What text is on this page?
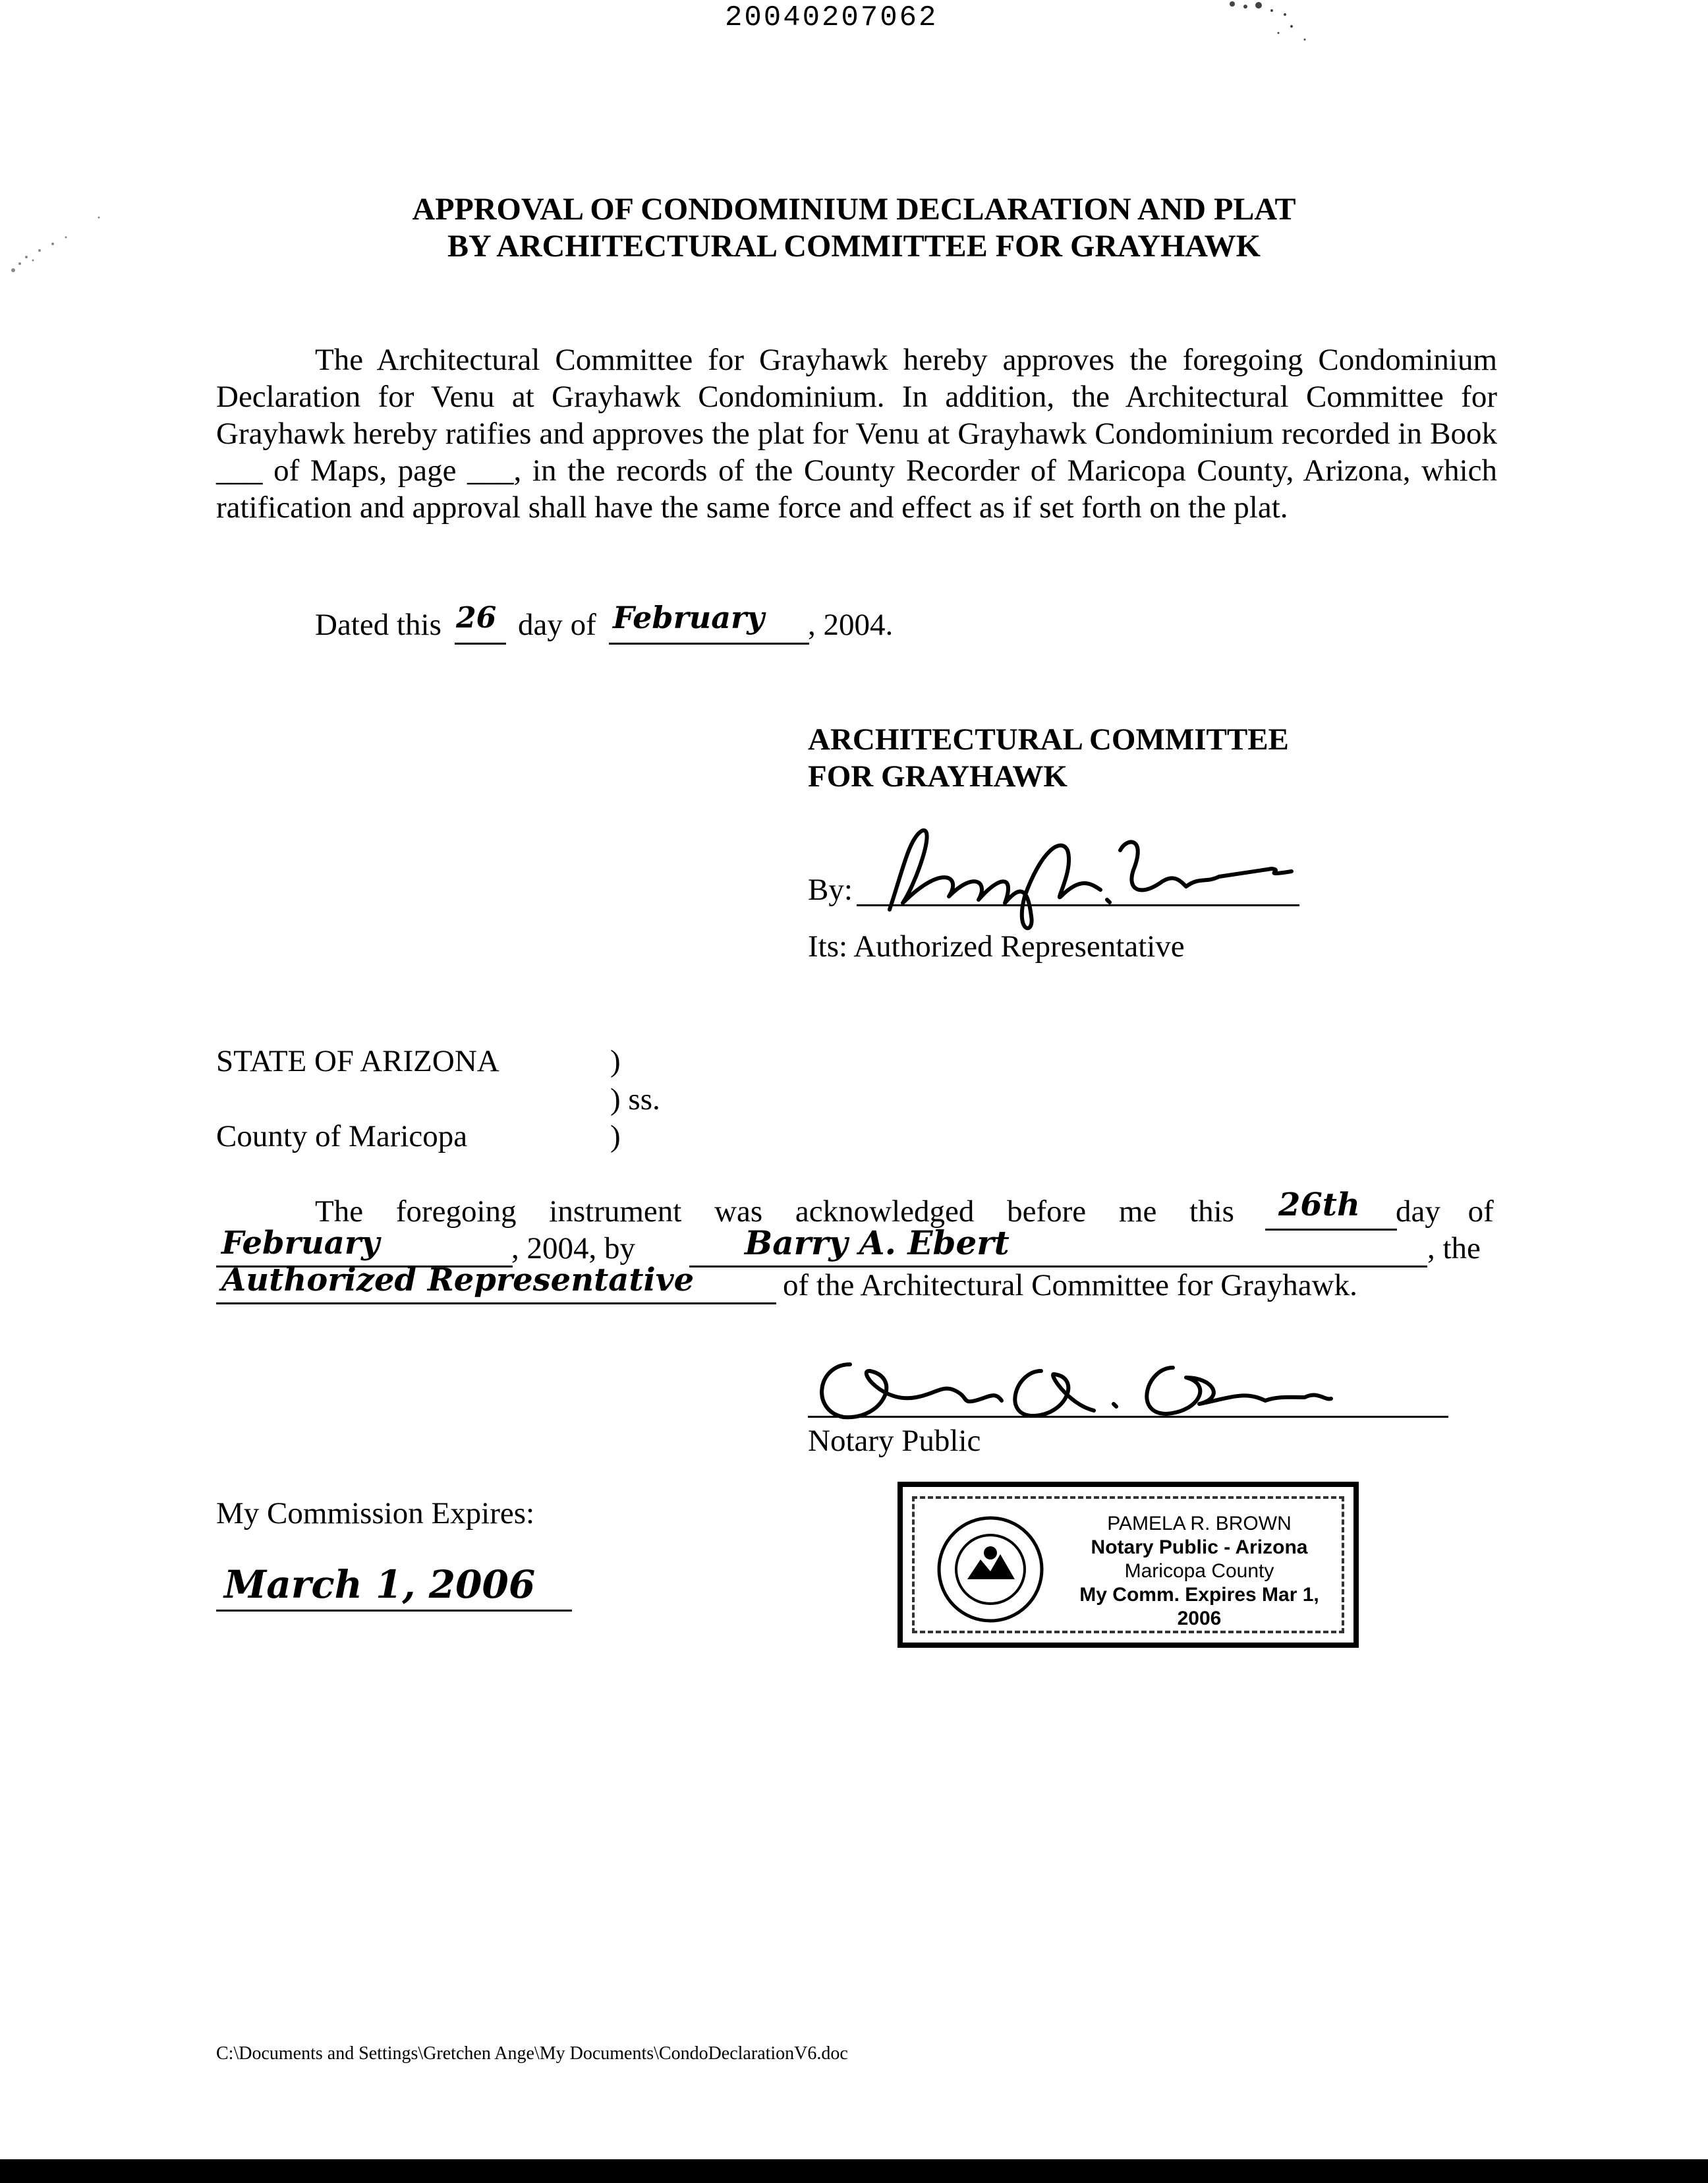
20040207062
APPROVAL OF CONDOMINIUM DECLARATION AND PLAT
BY ARCHITECTURAL COMMITTEE FOR GRAYHAWK
The Architectural Committee for Grayhawk hereby approves the foregoing Condominium Declaration for Venu at Grayhawk Condominium. In addition, the Architectural Committee for Grayhawk hereby ratifies and approves the plat for Venu at Grayhawk Condominium recorded in Book ___ of Maps, page ___, in the records of the County Recorder of Maricopa County, Arizona, which ratification and approval shall have the same force and effect as if set forth on the plat.
Dated this 26 day of February , 2004.
ARCHITECTURAL COMMITTEE
FOR GRAYHAWK
By:
Its: Authorized Representative
STATE OF ARIZONA	)
) ss.
County of Maricopa	)
The foregoing instrument was acknowledged before me this 26th day of
February	, 2004, by	Barry A. Ebert	, the
Authorized Representative	of the Architectural Committee for Grayhawk.
Notary Public
My Commission Expires:
March 1, 2006
PAMELA R. BROWN
Notary Public - Arizona
Maricopa County
My Comm. Expires Mar 1, 2006
C:\Documents and Settings\Gretchen Ange\My Documents\CondoDeclarationV6.doc
